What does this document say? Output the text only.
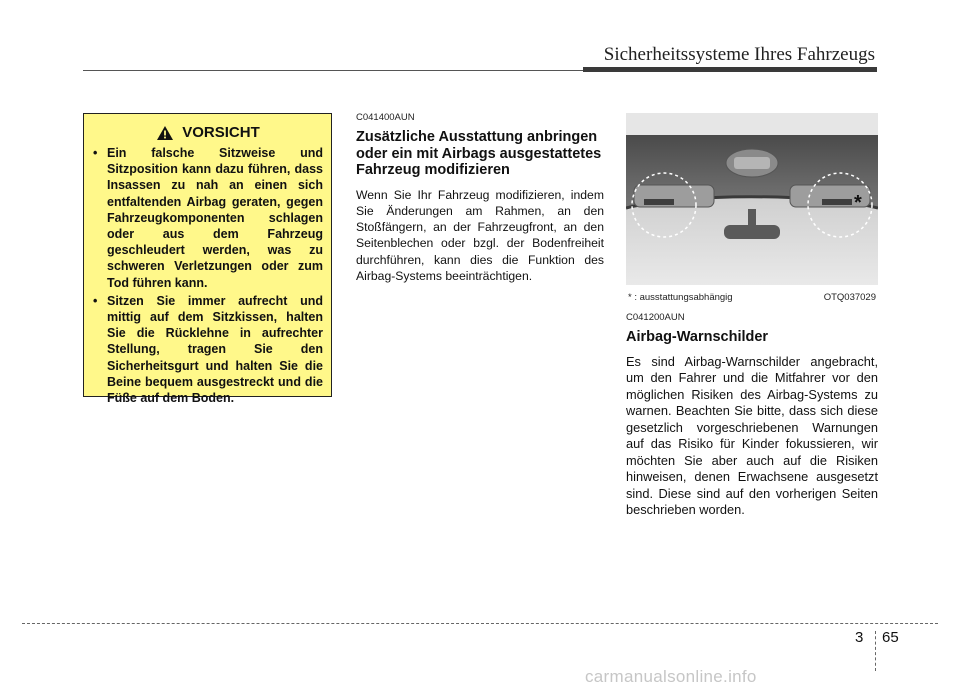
Sicherheitssysteme Ihres Fahrzeugs
VORSICHT
• Ein falsche Sitzweise und Sitzposition kann dazu führen, dass Insassen zu nah an einen sich entfaltenden Airbag geraten, gegen Fahrzeugkomponenten schlagen oder aus dem Fahrzeug geschleudert werden, was zu schweren Verletzungen oder zum Tod führen kann.
• Sitzen Sie immer aufrecht und mittig auf dem Sitzkissen, halten Sie die Rücklehne in aufrechter Stellung, tragen Sie den Sicherheitsgurt und halten Sie die Beine bequem ausgestreckt und die Füße auf dem Boden.
C041400AUN
Zusätzliche Ausstattung anbringen oder ein mit Airbags ausgestattetes Fahrzeug modifizieren

Wenn Sie Ihr Fahrzeug modifizieren, indem Sie Änderungen am Rahmen, an den Stoßfängern, an der Fahrzeugfront, an den Seitenblechen oder bzgl. der Bodenfreiheit durchführen, kann dies die Funktion des Airbag-Systems beeinträchtigen.

*
* : ausstattungsabhängig	OTQ037029
C041200AUN
Airbag-Warnschilder

Es sind Airbag-Warnschilder angebracht, um den Fahrer und die Mitfahrer vor den möglichen Risiken des Airbag-Systems zu warnen. Beachten Sie bitte, dass sich diese gesetzlich vorgeschriebenen Warnungen auf das Risiko für Kinder fokussieren, wir möchten Sie aber auch auf die Risiken hinweisen, denen Erwachsene ausgesetzt sind. Diese sind auf den vorherigen Seiten beschrieben worden.

3 65
carmanualsonline.info
